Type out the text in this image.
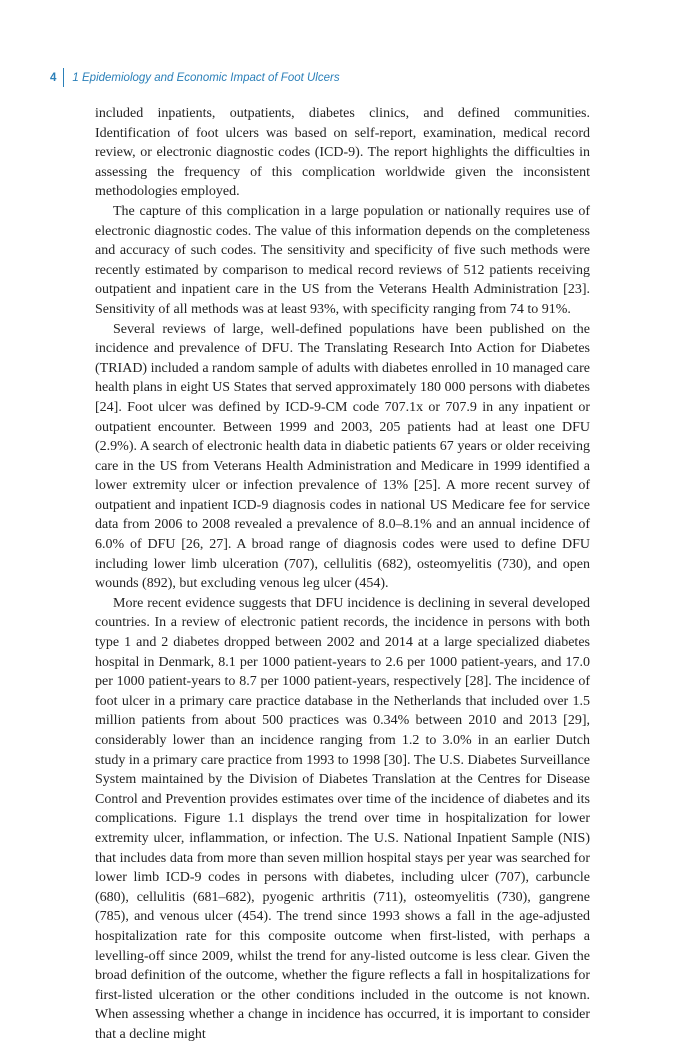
4 1 Epidemiology and Economic Impact of Foot Ulcers

included inpatients, outpatients, diabetes clinics, and defined communities. Identification of foot ulcers was based on self-report, examination, medical record review, or electronic diagnostic codes (ICD-9). The report highlights the difficulties in assessing the frequency of this complication worldwide given the inconsistent methodologies employed.

The capture of this complication in a large population or nationally requires use of electronic diagnostic codes. The value of this information depends on the completeness and accuracy of such codes. The sensitivity and specificity of five such methods were recently estimated by comparison to medical record reviews of 512 patients receiving outpatient and inpatient care in the US from the Veterans Health Administration [23]. Sensitivity of all methods was at least 93%, with specificity ranging from 74 to 91%.

Several reviews of large, well-defined populations have been published on the incidence and prevalence of DFU. The Translating Research Into Action for Diabetes (TRIAD) included a random sample of adults with diabetes enrolled in 10 managed care health plans in eight US States that served approximately 180 000 persons with diabetes [24]. Foot ulcer was defined by ICD-9-CM code 707.1x or 707.9 in any inpatient or outpatient encounter. Between 1999 and 2003, 205 patients had at least one DFU (2.9%). A search of electronic health data in diabetic patients 67 years or older receiving care in the US from Veterans Health Administration and Medicare in 1999 identified a lower extremity ulcer or infection prevalence of 13% [25]. A more recent survey of outpatient and inpatient ICD-9 diagnosis codes in national US Medicare fee for service data from 2006 to 2008 revealed a prevalence of 8.0–8.1% and an annual incidence of 6.0% of DFU [26, 27]. A broad range of diagnosis codes were used to define DFU including lower limb ulceration (707), cellulitis (682), osteomyelitis (730), and open wounds (892), but excluding venous leg ulcer (454).

More recent evidence suggests that DFU incidence is declining in several developed countries. In a review of electronic patient records, the incidence in persons with both type 1 and 2 diabetes dropped between 2002 and 2014 at a large specialized diabetes hospital in Denmark, 8.1 per 1000 patient-years to 2.6 per 1000 patient-years, and 17.0 per 1000 patient-years to 8.7 per 1000 patient-years, respectively [28]. The incidence of foot ulcer in a primary care practice database in the Netherlands that included over 1.5 million patients from about 500 practices was 0.34% between 2010 and 2013 [29], considerably lower than an incidence ranging from 1.2 to 3.0% in an earlier Dutch study in a primary care practice from 1993 to 1998 [30]. The U.S. Diabetes Surveillance System maintained by the Division of Diabetes Translation at the Centres for Disease Control and Prevention provides estimates over time of the incidence of diabetes and its complications. Figure 1.1 displays the trend over time in hospitalization for lower extremity ulcer, inflammation, or infection. The U.S. National Inpatient Sample (NIS) that includes data from more than seven million hospital stays per year was searched for lower limb ICD-9 codes in persons with diabetes, including ulcer (707), carbuncle (680), cellulitis (681–682), pyogenic arthritis (711), osteomyelitis (730), gangrene (785), and venous ulcer (454). The trend since 1993 shows a fall in the age-adjusted hospitalization rate for this composite outcome when first-listed, with perhaps a levelling-off since 2009, whilst the trend for any-listed outcome is less clear. Given the broad definition of the outcome, whether the figure reflects a fall in hospitalizations for first-listed ulceration or the other conditions included in the outcome is not known. When assessing whether a change in incidence has occurred, it is important to consider that a decline might
